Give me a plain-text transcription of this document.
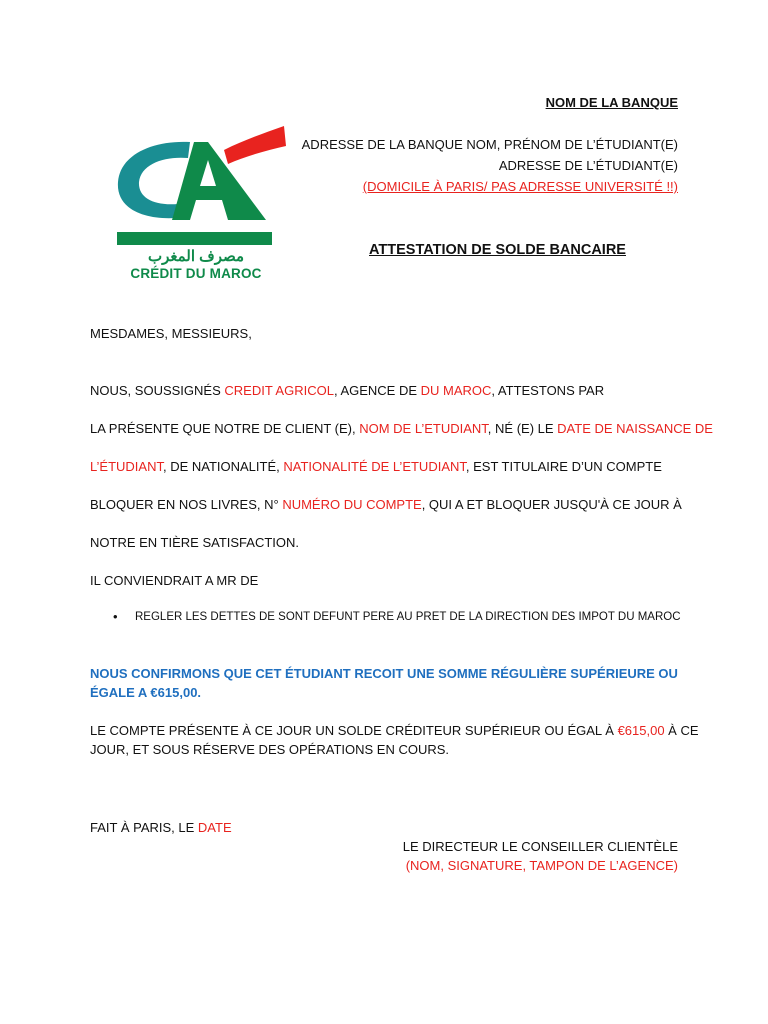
NOM DE LA BANQUE
ADRESSE DE LA BANQUE NOM, PRÉNOM DE L’ÉTUDIANT(E)
ADRESSE DE L’ÉTUDIANT(E)
(DOMICILE À PARIS/ PAS ADRESSE UNIVERSITÉ !!)
مصرف المغرب
CRÉDIT DU MAROC
ATTESTATION DE SOLDE BANCAIRE
MESDAMES, MESSIEURS,
NOUS, SOUSSIGNÉS CREDIT AGRICOL, AGENCE DE DU MAROC, ATTESTONS PAR
LA PRÉSENTE QUE NOTRE DE CLIENT (E), NOM DE L’ETUDIANT, NÉ (E) LE DATE DE NAISSANCE DE
L’ÉTUDIANT, DE NATIONALITÉ, NATIONALITÉ DE L’ETUDIANT, EST TITULAIRE D’UN COMPTE
BLOQUER EN NOS LIVRES, N° NUMÉRO DU COMPTE, QUI A ET BLOQUER JUSQU'À CE JOUR À
NOTRE EN TIÈRE SATISFACTION.
IL CONVIENDRAIT A MR DE
• REGLER LES DETTES DE SONT DEFUNT PERE AU PRET DE LA DIRECTION DES IMPOT DU MAROC
NOUS CONFIRMONS QUE CET ÉTUDIANT RECOIT UNE SOMME RÉGULIÈRE SUPÉRIEURE OU
ÉGALE A €615,00.
LE COMPTE PRÉSENTE À CE JOUR UN SOLDE CRÉDITEUR SUPÉRIEUR OU ÉGAL À €615,00 À CE
JOUR, ET SOUS RÉSERVE DES OPÉRATIONS EN COURS.
FAIT À PARIS, LE DATE
LE DIRECTEUR LE CONSEILLER CLIENTÈLE
(NOM, SIGNATURE, TAMPON DE L’AGENCE)
